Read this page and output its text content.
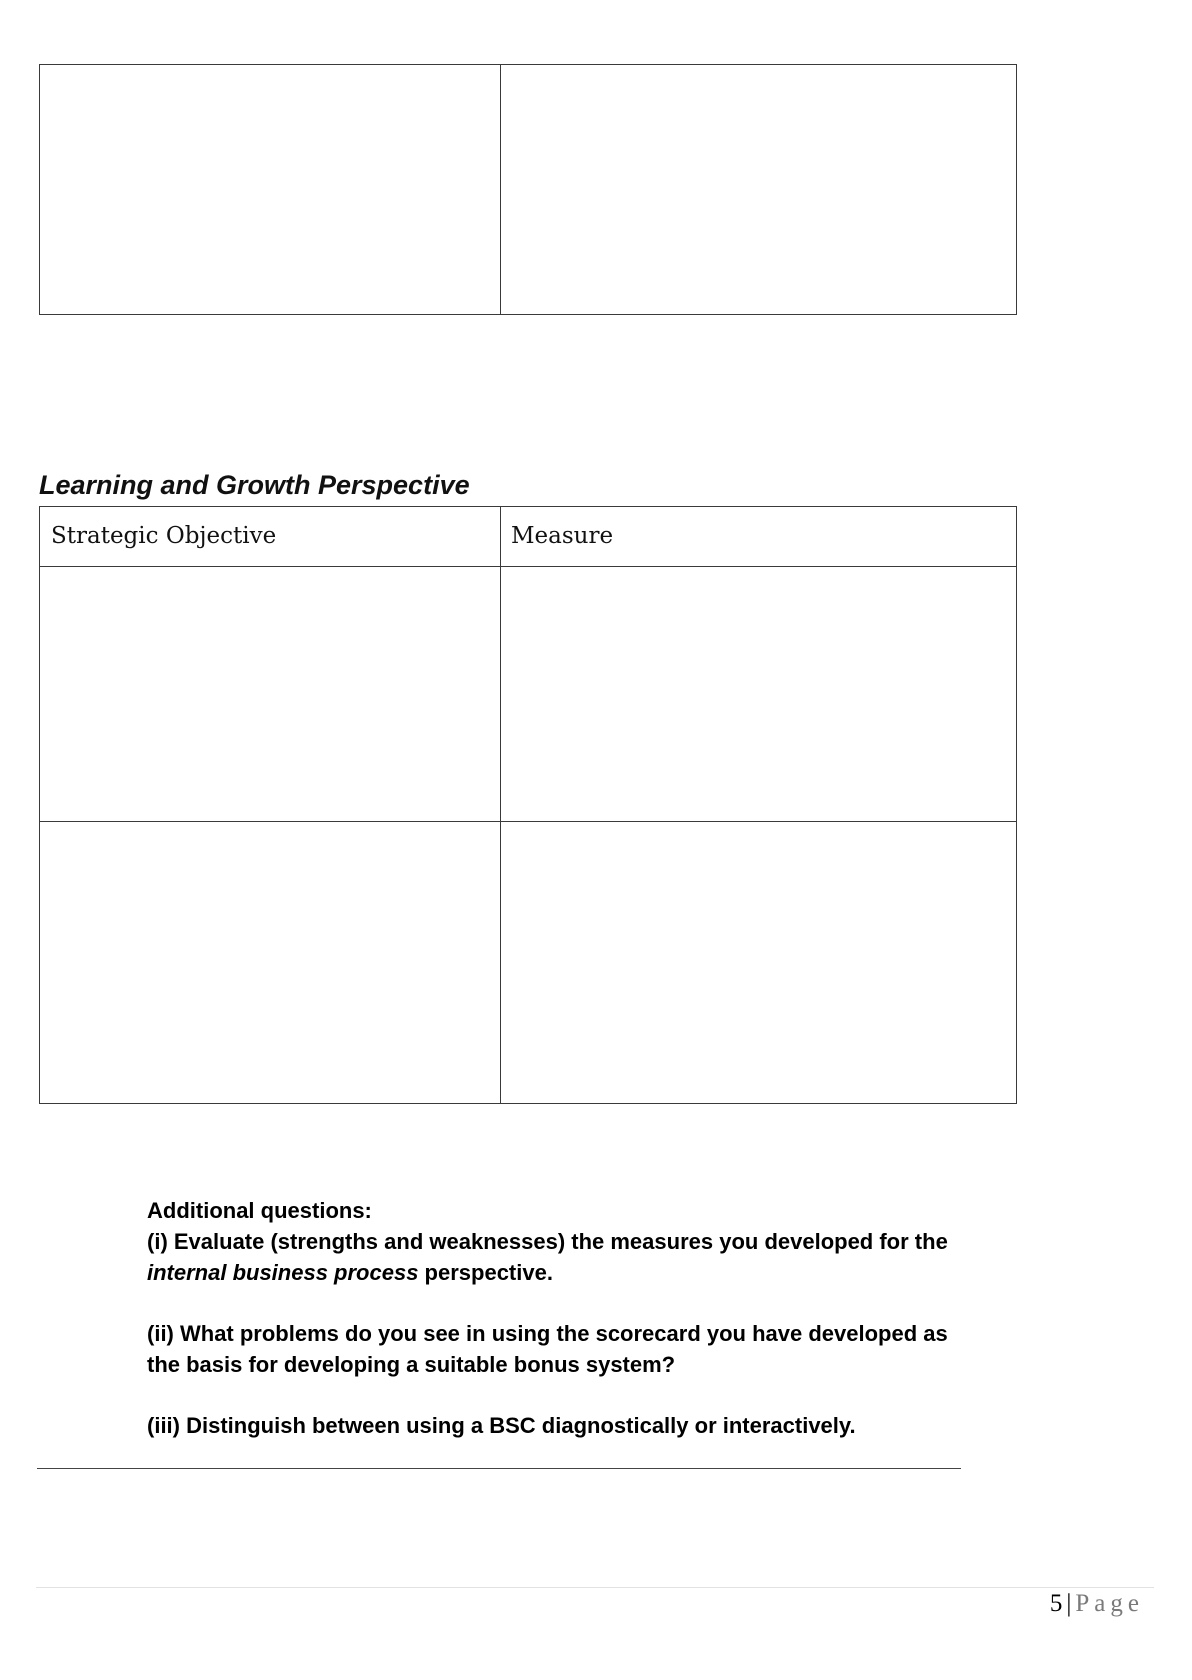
Learning and Growth Perspective
Strategic Objective	Measure

Additional questions:

(i) Evaluate (strengths and weaknesses) the measures you developed for the internal business process perspective.

(ii) What problems do you see in using the scorecard you have developed as the basis for developing a suitable bonus system?

(iii) Distinguish between using a BSC diagnostically or interactively.

5 | Page
